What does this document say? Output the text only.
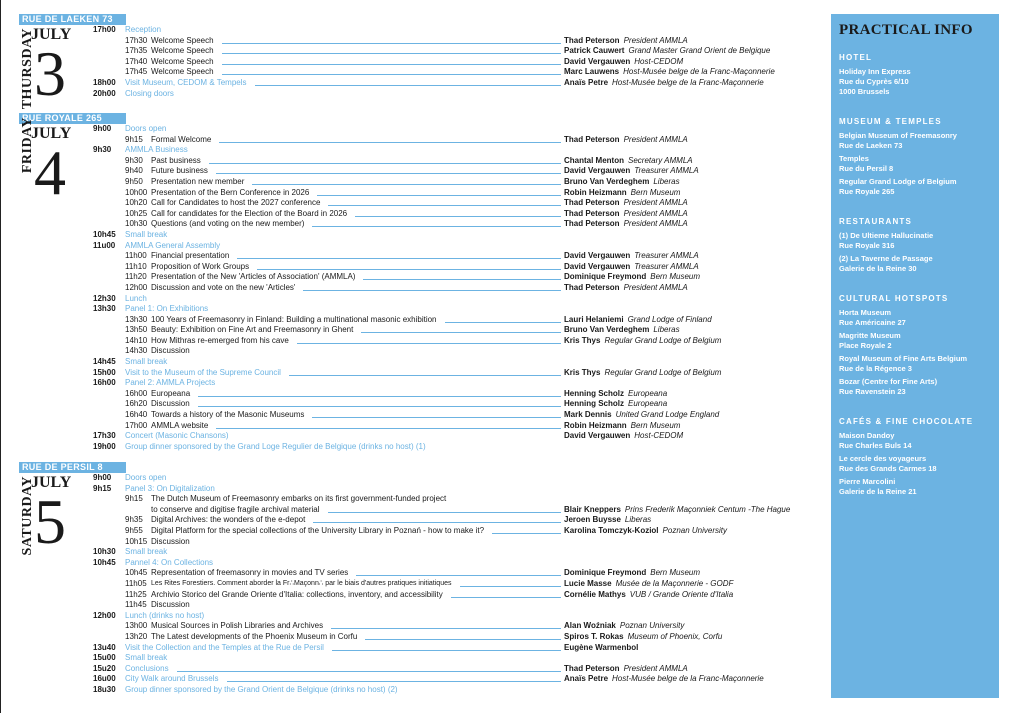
RUE DE LAEKEN 73
THURSDAY
JULY
3
17h00 Reception
17h30 Welcome Speech	Thad Peterson President AMMLA
17h35 Welcome Speech	Patrick Cauwert Grand Master Grand Orient de Belgique
17h40 Welcome Speech	David Vergauwen Host-CEDOM
17h45 Welcome Speech	Marc Lauwens Host-Musée belge de la Franc-Maçonnerie
18h00 Visit Museum, CEDOM & Tempels	Anaïs Petre Host-Musée belge de la Franc-Maçonnerie
20h00 Closing doors
RUE ROYALE 265
FRIDAY
JULY
4
9h00 Doors open
9h15 Formal Welcome	Thad Peterson President AMMLA
9h30 AMMLA Business
9h30 Past business	Chantal Menton Secretary AMMLA
9h40 Future business	David Vergauwen Treasurer AMMLA
9h50 Presentation new member	Bruno Van Verdeghem Liberas
10h00 Presentation of the Bern Conference in 2026	Robin Heizmann Bern Museum
10h20 Call for Candidates to host the 2027 conference	Thad Peterson President AMMLA
10h25 Call for candidates for the Election of the Board in 2026	Thad Peterson President AMMLA
10h30 Questions (and voting on the new member)	Thad Peterson President AMMLA
10h45 Small break
11u00 AMMLA General Assembly
11h00 Financial presentation	David Vergauwen Treasurer AMMLA
11h10 Proposition of Work Groups	David Vergauwen Treasurer AMMLA
11h20 Presentation of the New 'Articles of Association' (AMMLA)	Dominique Freymond Bern Museum
12h00 Discussion and vote on the new 'Articles'	Thad Peterson President AMMLA
12h30 Lunch
13h30 Panel 1: On Exhibitions
13h30 100 Years of Freemasonry in Finland: Building a multinational masonic exhibition	Lauri Helaniemi Grand Lodge of Finland
13h50 Beauty: Exhibition on Fine Art and Freemasonry in Ghent	Bruno Van Verdeghem Liberas
14h10 How Mithras re-emerged from his cave	Kris Thys Regular Grand Lodge of Belgium
14h30 Discussion
14h45 Small break
15h00 Visit to the Museum of the Supreme Council	Kris Thys Regular Grand Lodge of Belgium
16h00 Panel 2: AMMLA Projects
16h00 Europeana	Henning Scholz Europeana
16h20 Discussion	Henning Scholz Europeana
16h40 Towards a history of the Masonic Museums	Mark Dennis United Grand Lodge England
17h00 AMMLA website	Robin Heizmann Bern Museum
17h30 Concert (Masonic Chansons)	David Vergauwen Host-CEDOM
19h00 Group dinner sponsored by the Grand Loge Regulier de Belgique (drinks no host) (1)
RUE DE PERSIL 8
SATURDAY
JULY
5
9h00 Doors open
9h15 Panel 3: On Digitalization
9h15 The Dutch Museum of Freemasonry embarks on its first government-funded project
to conserve and digitise fragile archival material	Blair Kneppers Prins Frederik Maçonniek Centum -The Hague
9h35 Digital Archives: the wonders of the e-depot	Jeroen Buysse Liberas
9h55 Digital Platform for the special collections of the University Library in Poznań - how to make it?	Karolina Tomczyk-Koziol Poznan University
10h15 Discussion
10h30 Small break
10h45 Pannel 4: On Collections
10h45 Representation of freemasonry in movies and TV series	Dominique Freymond Bern Museum
11h05 Les Rites Forestiers. Comment aborder la Fr∴Maçonn∴ par le biais d'autres pratiques initiatiques	Lucie Masse Musée de la Maçonnerie - GODF
11h25 Archivio Storico del Grande Oriente d'Italia: collections, inventory, and accessibility	Cornélie Mathys VUB / Grande Oriente d'Italia
11h45 Discussion
12h00 Lunch (drinks no host)
13h00 Musical Sources in Polish Libraries and Archives	Alan Woźniak Poznan University
13h20 The Latest developments of the Phoenix Museum in Corfu	Spiros T. Rokas Museum of Phoenix, Corfu
13u40 Visit the Collection and the Temples at the Rue de Persil	Eugène Warmenbol
15u00 Small break
15u20 Conclusions	Thad Peterson President AMMLA
16u00 City Walk around Brussels	Anaïs Petre Host-Musée belge de la Franc-Maçonnerie
18u30 Group dinner sponsored by the Grand Orient de Belgique (drinks no host) (2)
PRACTICAL INFO
HOTEL
Holiday Inn Express
Rue du Cyprès 6/10
1000 Brussels
MUSEUM & TEMPLES
Belgian Museum of Freemasonry
Rue de Laeken 73
Temples
Rue du Persil 8
Regular Grand Lodge of Belgium
Rue Royale 265
RESTAURANTS
(1) De Ultieme Hallucinatie
Rue Royale 316
(2) La Taverne de Passage
Galerie de la Reine 30
CULTURAL HOTSPOTS
Horta Museum
Rue Américaine 27
Magritte Museum
Place Royale 2
Royal Museum of Fine Arts Belgium
Rue de la Régence 3
Bozar (Centre for Fine Arts)
Rue Ravenstein 23
CAFÉS & FINE CHOCOLATE
Maison Dandoy
Rue Charles Buls 14
Le cercle des voyageurs
Rue des Grands Carmes 18
Pierre Marcolini
Galerie de la Reine 21
